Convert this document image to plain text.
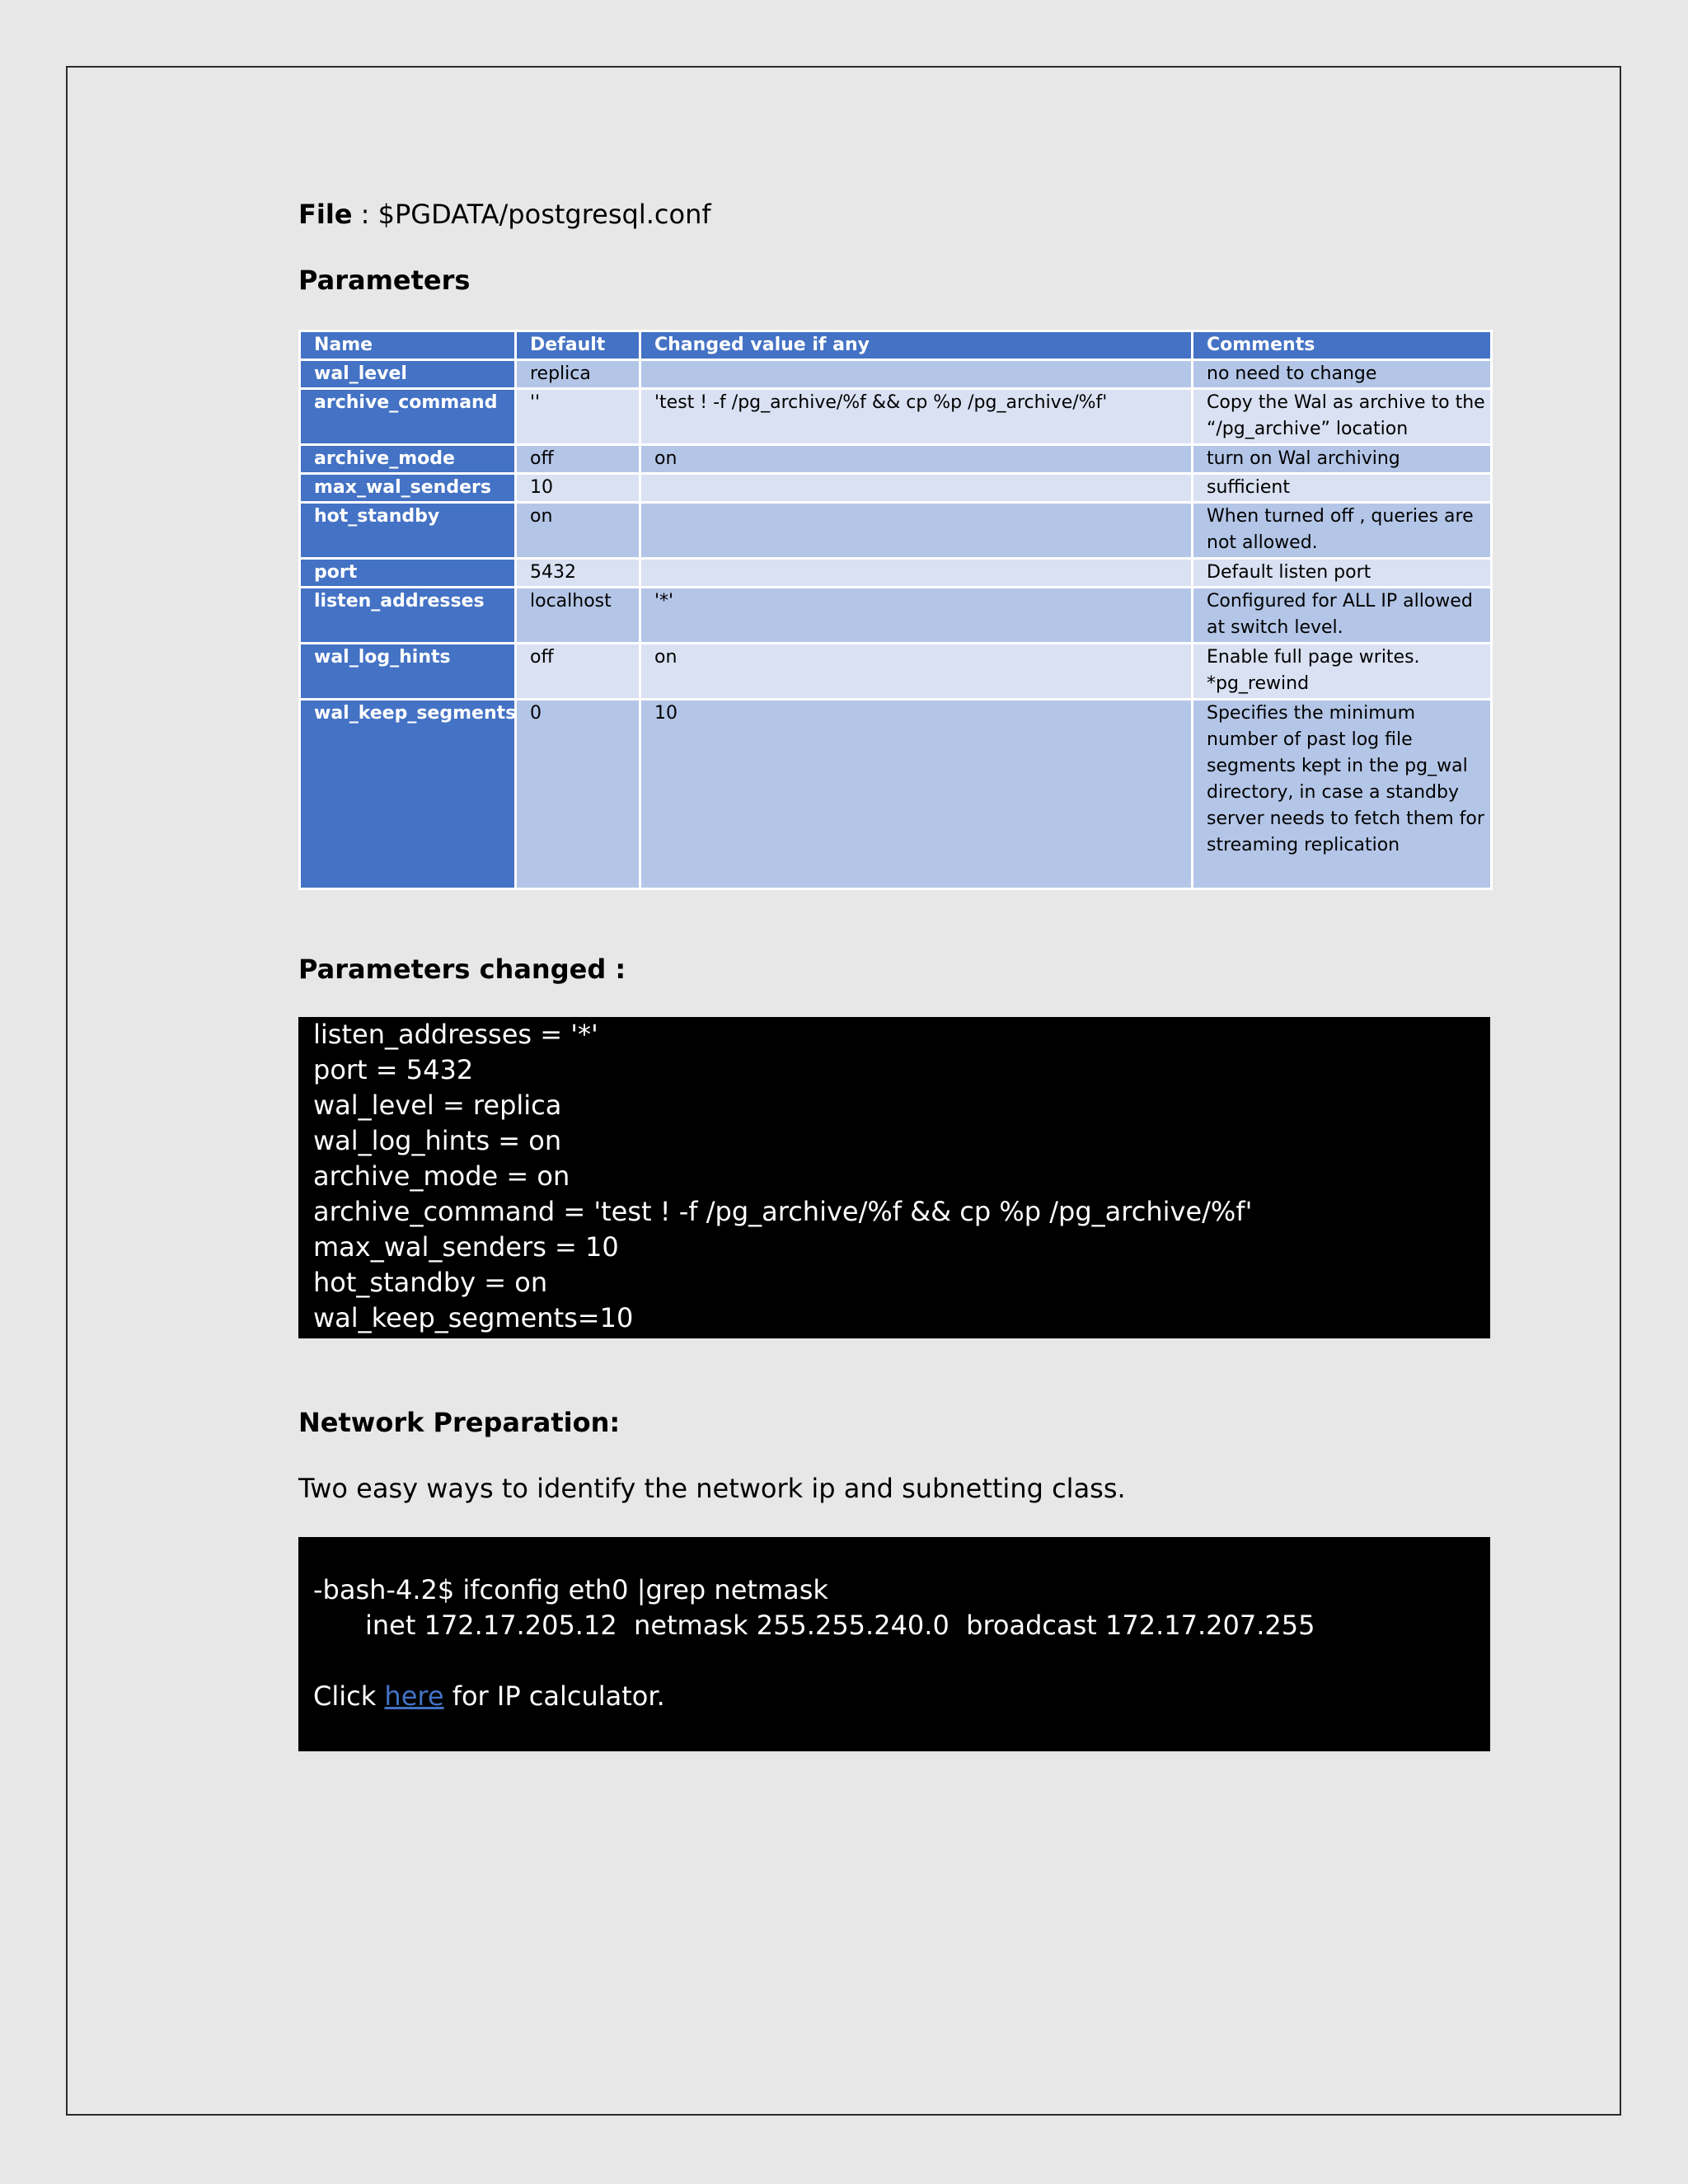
File : $PGDATA/postgresql.conf
Parameters
Name	Default	Changed value if any	Comments
wal_level	replica		no need to change
archive_command	''	'test ! -f /pg_archive/%f && cp %p /pg_archive/%f'	Copy the Wal as archive to the “/pg_archive” location
archive_mode	off	on	turn on Wal archiving
max_wal_senders	10		sufficient
hot_standby	on		When turned off , queries are not allowed.
port	5432		Default listen port
listen_addresses	localhost	'*'	Configured for ALL IP allowed at switch level.
wal_log_hints	off	on	Enable full page writes. *pg_rewind
wal_keep_segments	0	10	Specifies the minimum number of past log file segments kept in the pg_wal directory, in case a standby server needs to fetch them for streaming replication
Parameters changed :
listen_addresses = '*'
port = 5432
wal_level = replica
wal_log_hints = on
archive_mode = on
archive_command = 'test ! -f /pg_archive/%f && cp %p /pg_archive/%f'
max_wal_senders = 10
hot_standby = on
wal_keep_segments=10
Network Preparation:
Two easy ways to identify the network ip and subnetting class.
-bash-4.2$ ifconfig eth0 |grep netmask
inet 172.17.205.12  netmask 255.255.240.0  broadcast 172.17.207.255
Click here for IP calculator.
